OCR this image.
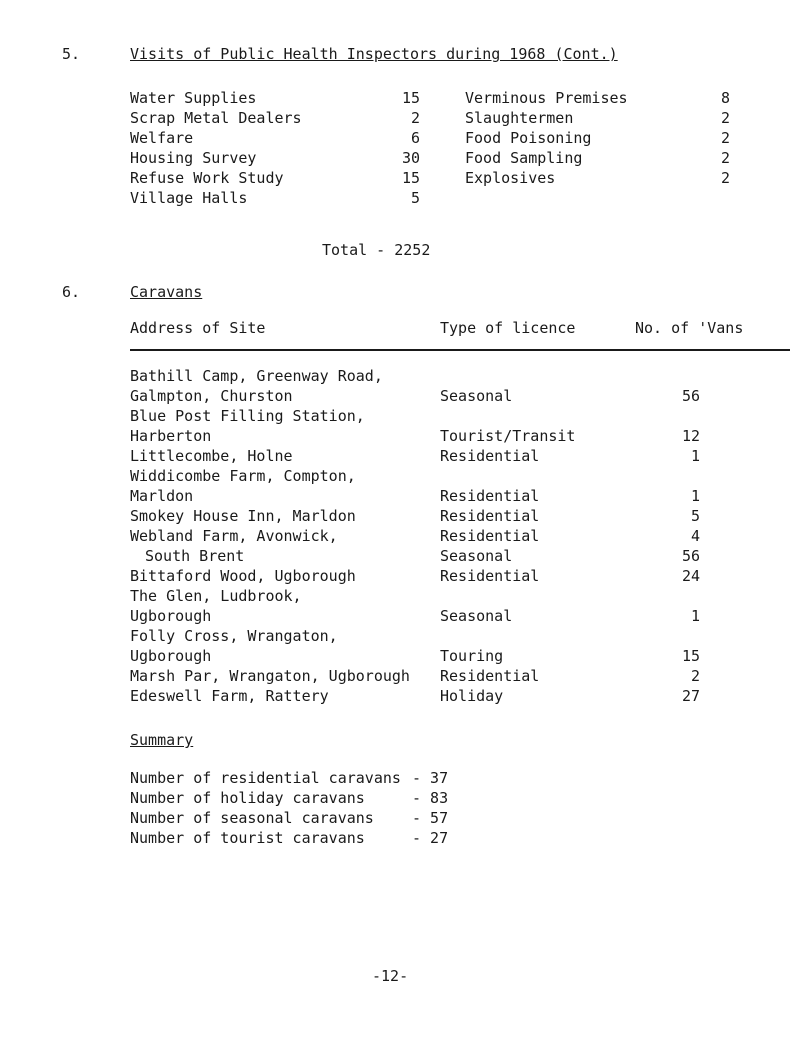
5.	Visits of Public Health Inspectors during 1968 (Cont.)
Water Supplies	15
Scrap Metal Dealers	2
Welfare	6
Housing Survey	30
Refuse Work Study	15
Village Halls	5
Verminous Premises	8
Slaughtermen	2
Food Poisoning	2
Food Sampling	2
Explosives	2
Total - 2252
6.	Caravans
Address of Site	Type of licence	No. of 'Vans
Bathill Camp, Greenway Road,
Galmpton, Churston	Seasonal	56
Blue Post Filling Station,
Harberton	Tourist/Transit	12
Littlecombe, Holne	Residential	1
Widdicombe Farm, Compton,
Marldon	Residential	1
Smokey House Inn, Marldon	Residential	5
Webland Farm, Avonwick,	Residential	4
South Brent	Seasonal	56
Bittaford Wood, Ugborough	Residential	24
The Glen, Ludbrook,
Ugborough	Seasonal	1
Folly Cross, Wrangaton,
Ugborough	Touring	15
Marsh Par, Wrangaton, Ugborough Residential	2
Edeswell Farm, Rattery	Holiday	27
Summary
Number of residential caravans - 37
Number of holiday caravans	- 83
Number of seasonal caravans	- 57
Number of tourist caravans	- 27
-12-
